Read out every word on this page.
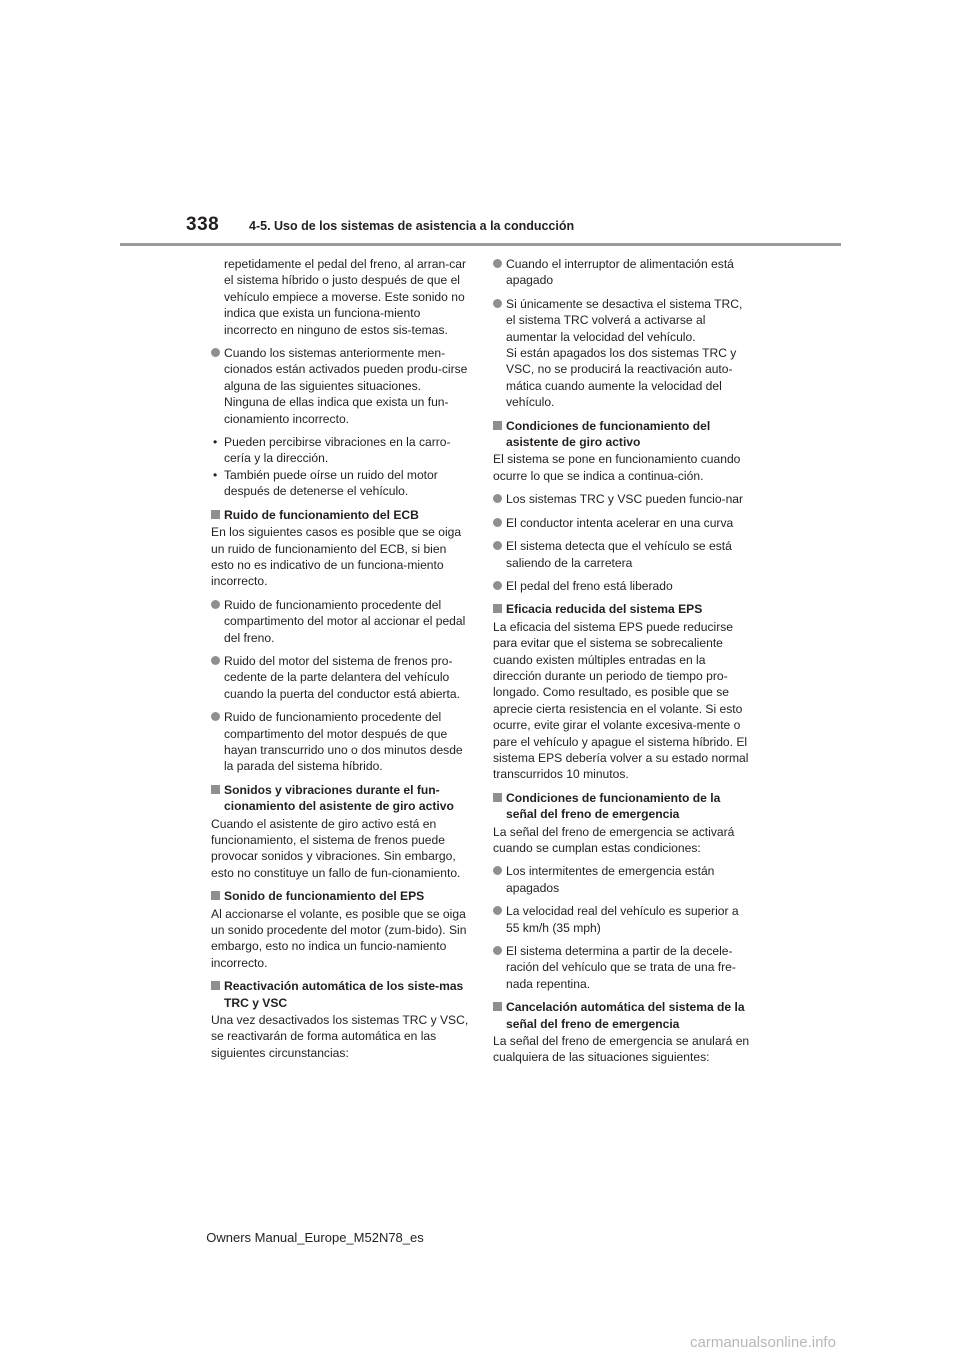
338 4-5. Uso de los sistemas de asistencia a la conducción

repetidamente el pedal del freno, al arran-car el sistema híbrido o justo después de que el vehículo empiece a moverse. Este sonido no indica que exista un funciona-miento incorrecto en ninguno de estos sis-temas.

Cuando los sistemas anteriormente men-cionados están activados pueden produ-cirse alguna de las siguientes situaciones. Ninguna de ellas indica que exista un fun-cionamiento incorrecto.
• Pueden percibirse vibraciones en la carro-cería y la dirección.
• También puede oírse un ruido del motor después de detenerse el vehículo.
Ruido de funcionamiento del ECB

En los siguientes casos es posible que se oiga un ruido de funcionamiento del ECB, si bien esto no es indicativo de un funciona-miento incorrecto.

Ruido de funcionamiento procedente del compartimento del motor al accionar el pedal del freno.
Ruido del motor del sistema de frenos pro-cedente de la parte delantera del vehículo cuando la puerta del conductor está abierta.
Ruido de funcionamiento procedente del compartimento del motor después de que hayan transcurrido uno o dos minutos desde la parada del sistema híbrido.
Sonidos y vibraciones durante el fun-cionamiento del asistente de giro activo

Cuando el asistente de giro activo está en funcionamiento, el sistema de frenos puede provocar sonidos y vibraciones. Sin embargo, esto no constituye un fallo de fun-cionamiento.

Sonido de funcionamiento del EPS

Al accionarse el volante, es posible que se oiga un sonido procedente del motor (zum-bido). Sin embargo, esto no indica un funcio-namiento incorrecto.

Reactivación automática de los siste-mas TRC y VSC

Una vez desactivados los sistemas TRC y VSC, se reactivarán de forma automática en las siguientes circunstancias:

Cuando el interruptor de alimentación está apagado
Si únicamente se desactiva el sistema TRC, el sistema TRC volverá a activarse al aumentar la velocidad del vehículo.
Si están apagados los dos sistemas TRC y VSC, no se producirá la reactivación auto-mática cuando aumente la velocidad del vehículo.
Condiciones de funcionamiento del asistente de giro activo

El sistema se pone en funcionamiento cuando ocurre lo que se indica a continua-ción.

Los sistemas TRC y VSC pueden funcio-nar
El conductor intenta acelerar en una curva
El sistema detecta que el vehículo se está saliendo de la carretera
El pedal del freno está liberado
Eficacia reducida del sistema EPS

La eficacia del sistema EPS puede reducirse para evitar que el sistema se sobrecaliente cuando existen múltiples entradas en la dirección durante un periodo de tiempo pro-longado. Como resultado, es posible que se aprecie cierta resistencia en el volante. Si esto ocurre, evite girar el volante excesiva-mente o pare el vehículo y apague el sistema híbrido. El sistema EPS debería volver a su estado normal transcurridos 10 minutos.

Condiciones de funcionamiento de la señal del freno de emergencia

La señal del freno de emergencia se activará cuando se cumplan estas condiciones:

Los intermitentes de emergencia están apagados
La velocidad real del vehículo es superior a 55 km/h (35 mph)
El sistema determina a partir de la decele-ración del vehículo que se trata de una fre-nada repentina.
Cancelación automática del sistema de la señal del freno de emergencia

La señal del freno de emergencia se anulará en cualquiera de las situaciones siguientes:

Owners Manual_Europe_M52N78_es
carmanualsonline.info
